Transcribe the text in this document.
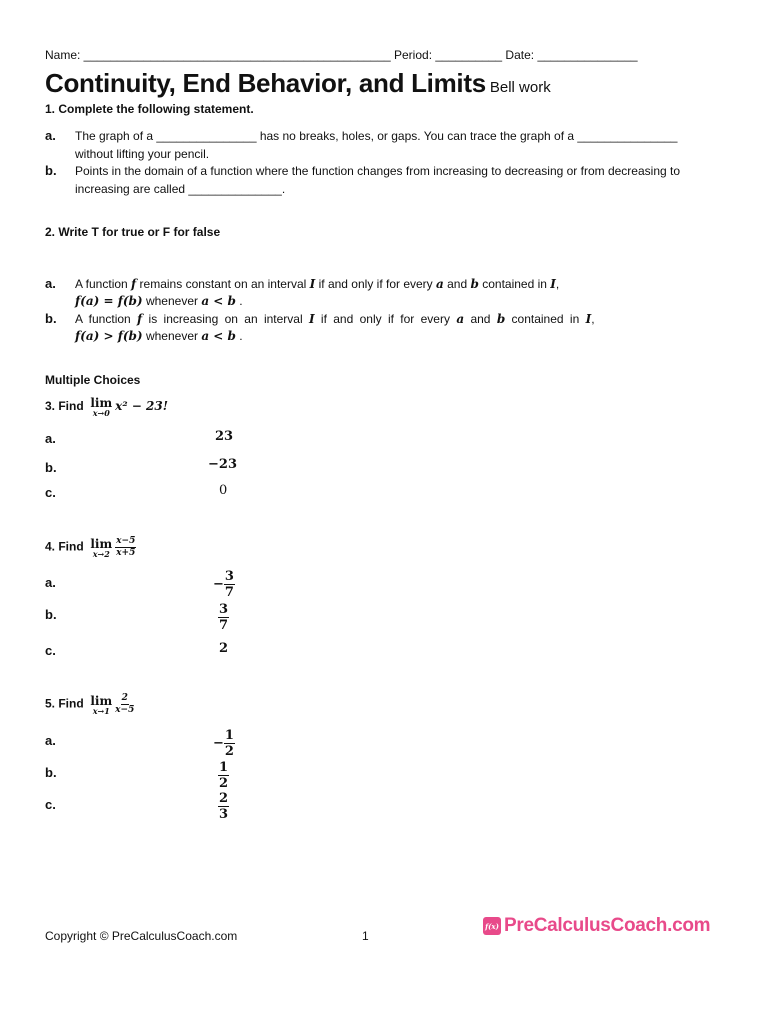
Name: ______________________________________________ Period: __________ Date: _______________
Continuity, End Behavior, and Limits Bell work
1. Complete the following statement.
a. The graph of a _______________ has no breaks, holes, or gaps. You can trace the graph of a _______________
without lifting your pencil.
b. Points in the domain of a function where the function changes from increasing to decreasing or from decreasing to
increasing are called ______________.
2. Write T for true or F for false
a. A function f remains constant on an interval I if and only if for every a and b contained in I,
f(a) = f(b) whenever a < b .
b. A function f is increasing on an interval I if and only if for every a and b contained in I,
f(a) > f(b) whenever a < b .
Multiple Choices
3. Find lim
x→0 x² − 23!
a.	23
b.	−23
c.	0
4. Find lim
$x\to 2 \frac{x-5}{x+5}$
a.	− $\frac{3}{7}$
b.	$\frac{3}{7}$
c.	2
5. Find lim
$x\to 1 \frac{2}{x-5}$
a.	− $\frac{1}{2}$
b.	$\frac{1}{2}$
c.	$\frac{2}{3}$
Copyright © PreCalculusCoach.com	1
f(x) PreCalculusCoach.com
